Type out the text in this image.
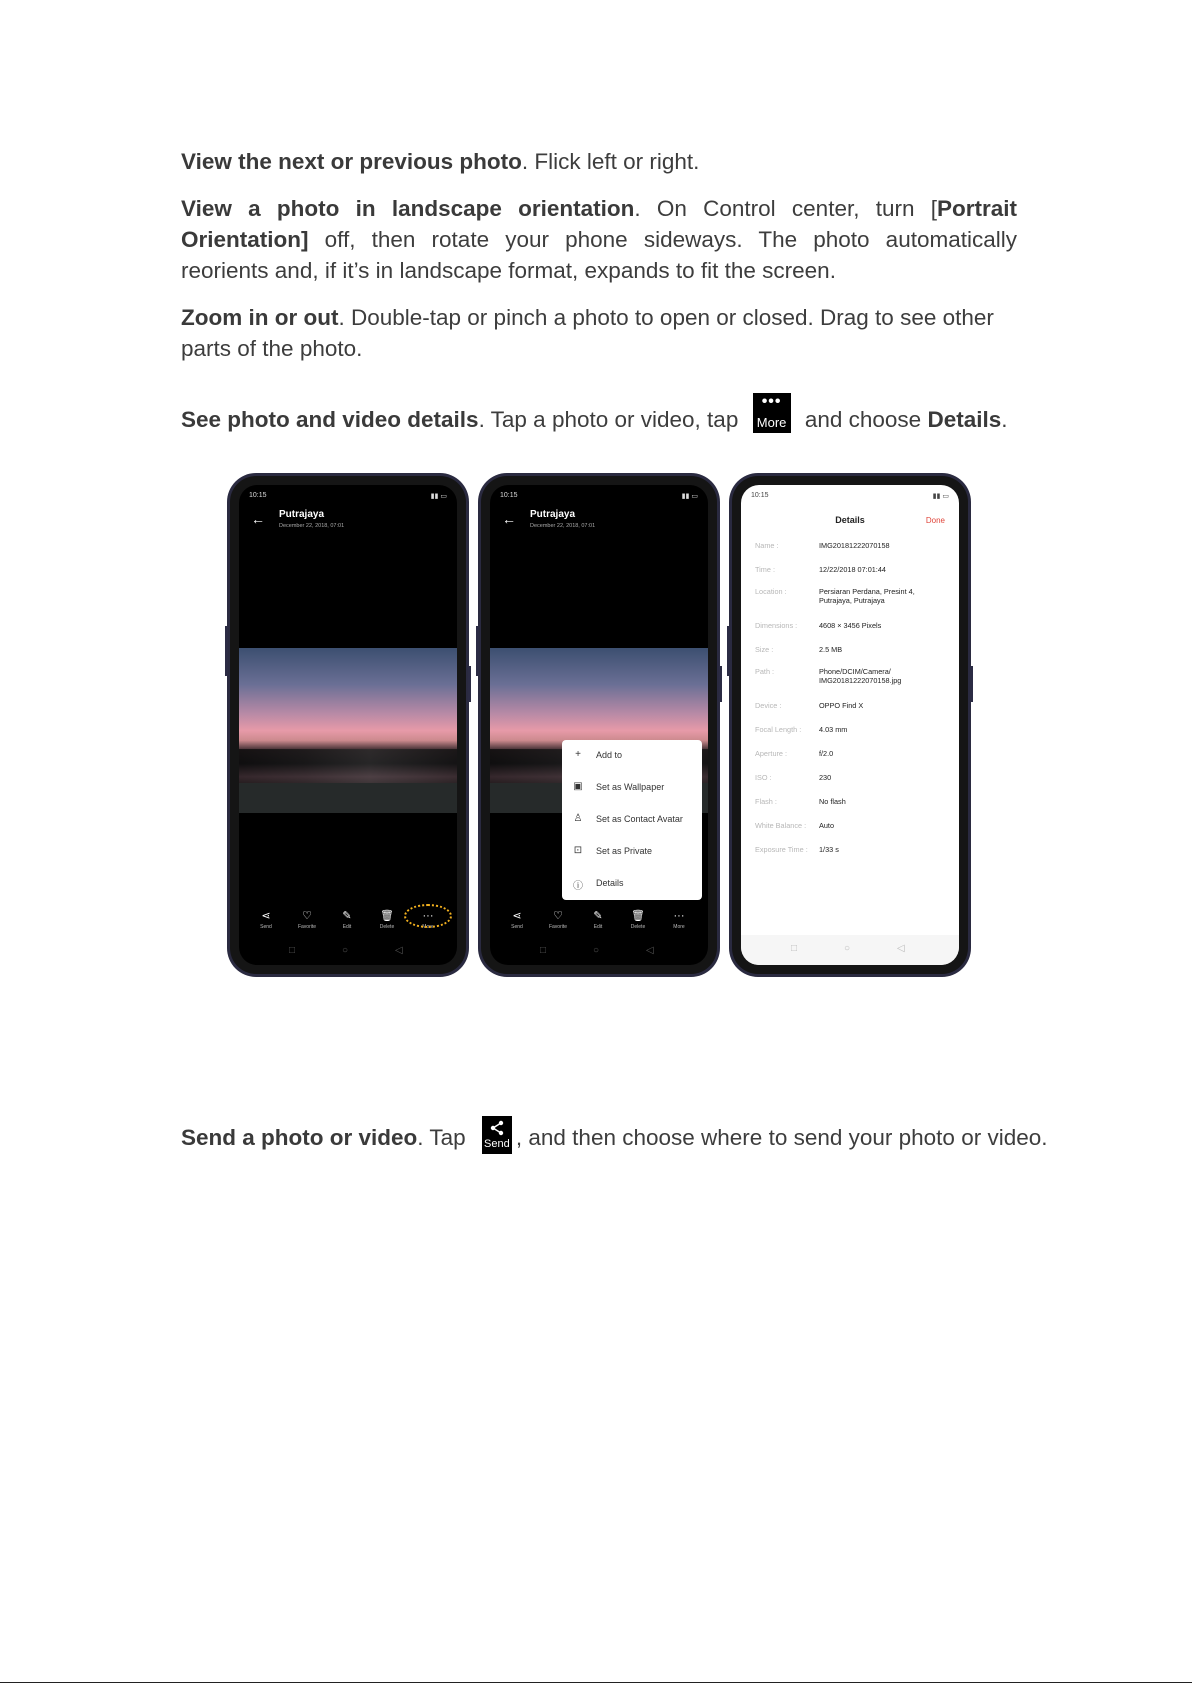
View the next or previous photo. Flick left or right.
View a photo in landscape orientation. On Control center, turn [Portrait Orientation] off, then rotate your phone sideways. The photo automatically reorients and, if it’s in landscape format, expands to fit the screen.
Zoom in or out. Double-tap or pinch a photo to open or closed. Drag to see other parts of the photo.
See photo and video details. Tap a photo or video, tap
•••
More and choose Details.
10:15	▮▮ ▭
← Putrajaya
December 22, 2018, 07:01
⋖
Send
♡
Favorite
✎
Edit
🗑
Delete
···
More
□	○	◁
10:15	▮▮ ▭
← Putrajaya
December 22, 2018, 07:01
+	Add to
▣ Set as Wallpaper
♙ Set as Contact Avatar
⊡ Set as Private
ⓘ Details
⋖
Send
♡
Favorite
✎
Edit
🗑
Delete
···
More
□	○	◁
10:15	▮▮ ▭
Details	Done
Name :	IMG20181222070158
Time :	12/22/2018 07:01:44
Location :	Persiaran Perdana, Presint 4, Putrajaya, Putrajaya
Dimensions :	4608 × 3456 Pixels
Size :	2.5 MB
Path :	Phone/DCIM/Camera/ IMG20181222070158.jpg
Device :	OPPO Find X
Focal Length :	4.03 mm
Aperture :	f/2.0
ISO :	230
Flash :	No flash
White Balance :	Auto
Exposure Time :	1/33 s
□	○	◁
Send a photo or video. Tap Send , and then choose where to send your photo or video.
